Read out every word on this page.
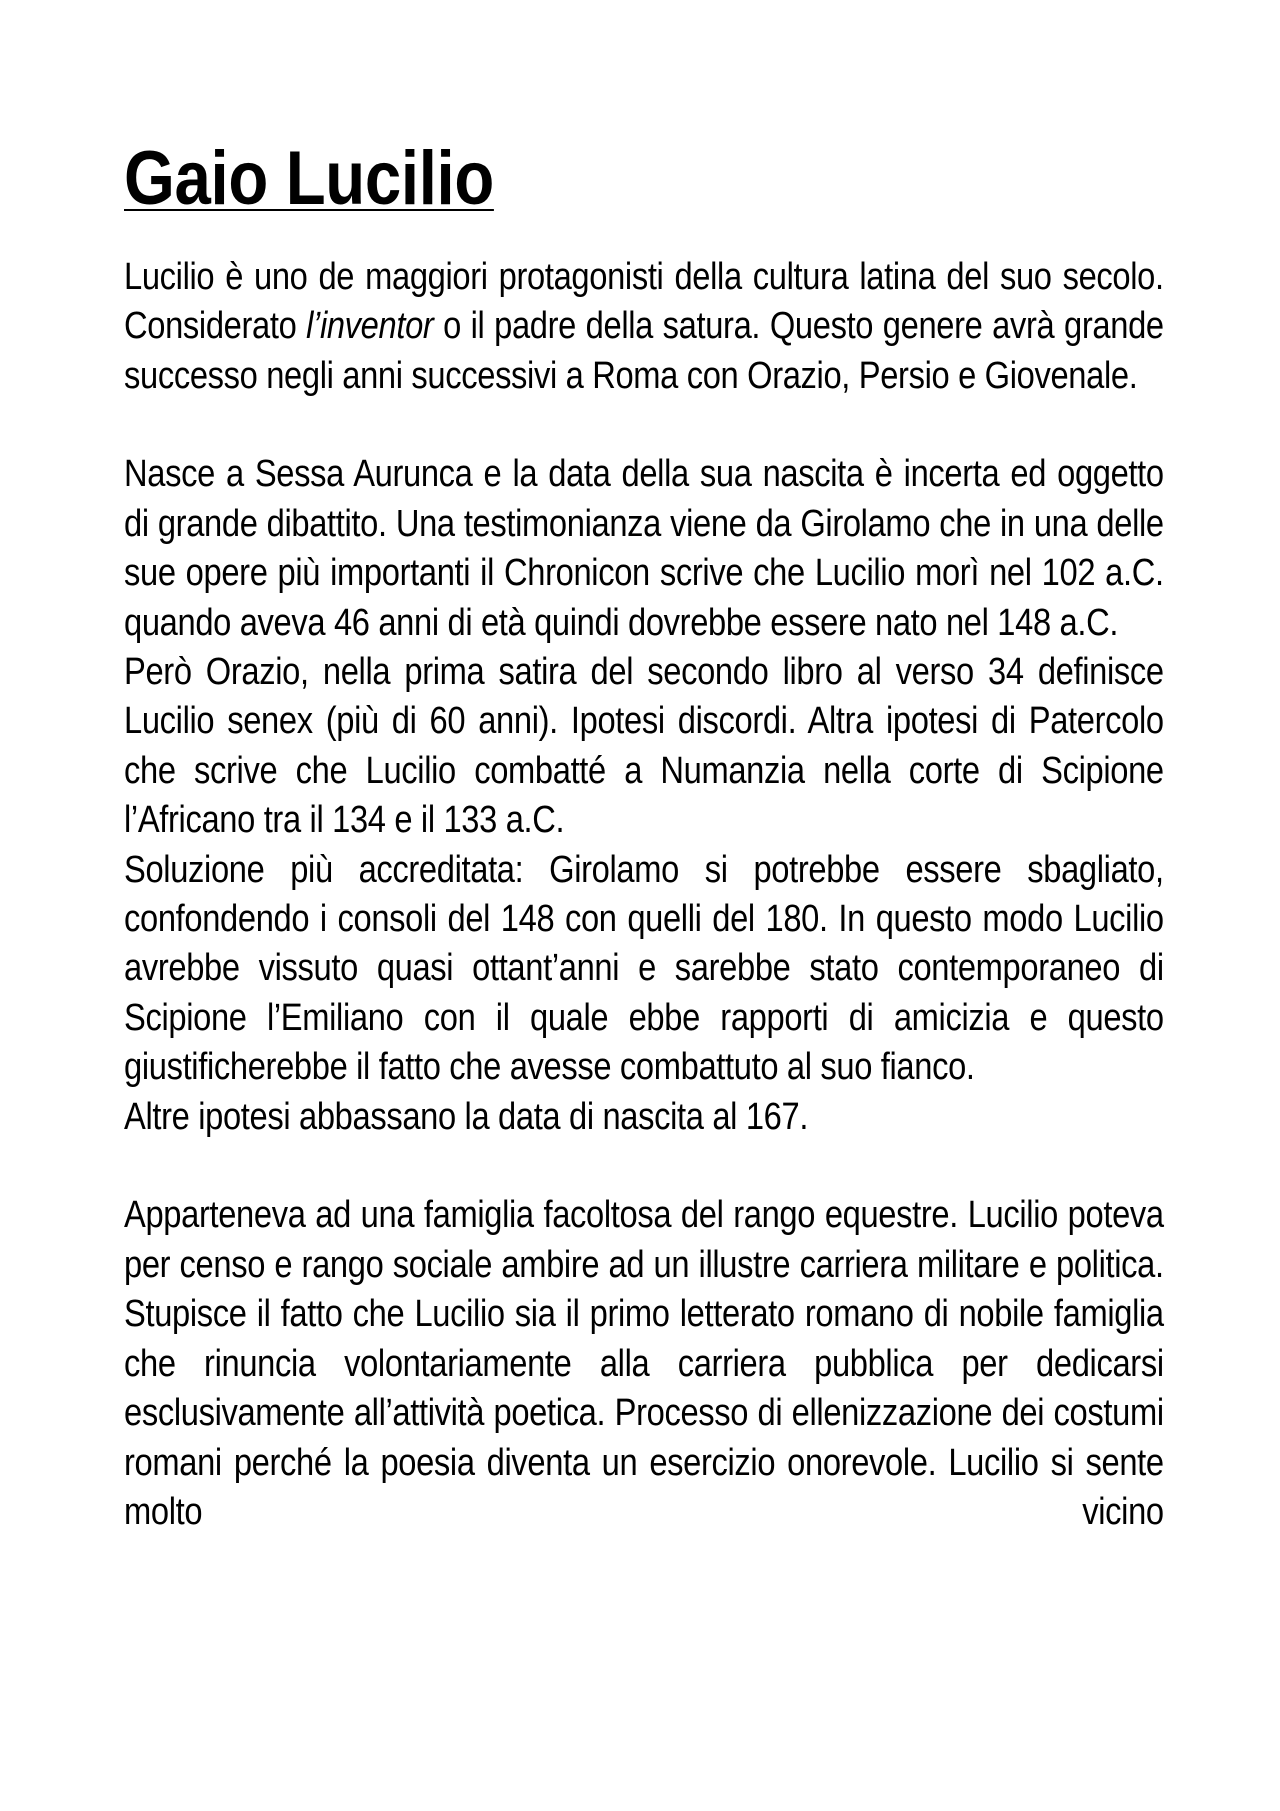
Gaio Lucilio

Lucilio è uno de maggiori protagonisti della cultura latina del suo secolo. Considerato l’inventor o il padre della satura. Questo genere avrà grande successo negli anni successivi a Roma con Orazio, Persio e Giovenale.

Nasce a Sessa Aurunca e la data della sua nascita è incerta ed oggetto di grande dibattito. Una testimonianza viene da Girolamo che in una delle sue opere più importanti il Chronicon scrive che Lucilio morì nel 102 a.C. quando aveva 46 anni di età quindi dovrebbe essere nato nel 148 a.C.

Però Orazio, nella prima satira del secondo libro al verso 34 definisce Lucilio senex (più di 60 anni). Ipotesi discordi. Altra ipotesi di Patercolo che scrive che Lucilio combatté a Numanzia nella corte di Scipione l’Africano tra il 134 e il 133 a.C.

Soluzione più accreditata: Girolamo si potrebbe essere sbagliato, confondendo i consoli del 148 con quelli del 180. In questo modo Lucilio avrebbe vissuto quasi ottant’anni e sarebbe stato contemporaneo di Scipione l’Emiliano con il quale ebbe rapporti di amicizia e questo giustificherebbe il fatto che avesse combattuto al suo fianco.

Altre ipotesi abbassano la data di nascita al 167.

Apparteneva ad una famiglia facoltosa del rango equestre. Lucilio poteva per censo e rango sociale ambire ad un illustre carriera militare e politica. Stupisce il fatto che Lucilio sia il primo letterato romano di nobile famiglia che rinuncia volontariamente alla carriera pubblica per dedicarsi esclusivamente all’attività poetica. Processo di ellenizzazione dei costumi romani perché la poesia diventa un esercizio onorevole. Lucilio si sente molto vicino
